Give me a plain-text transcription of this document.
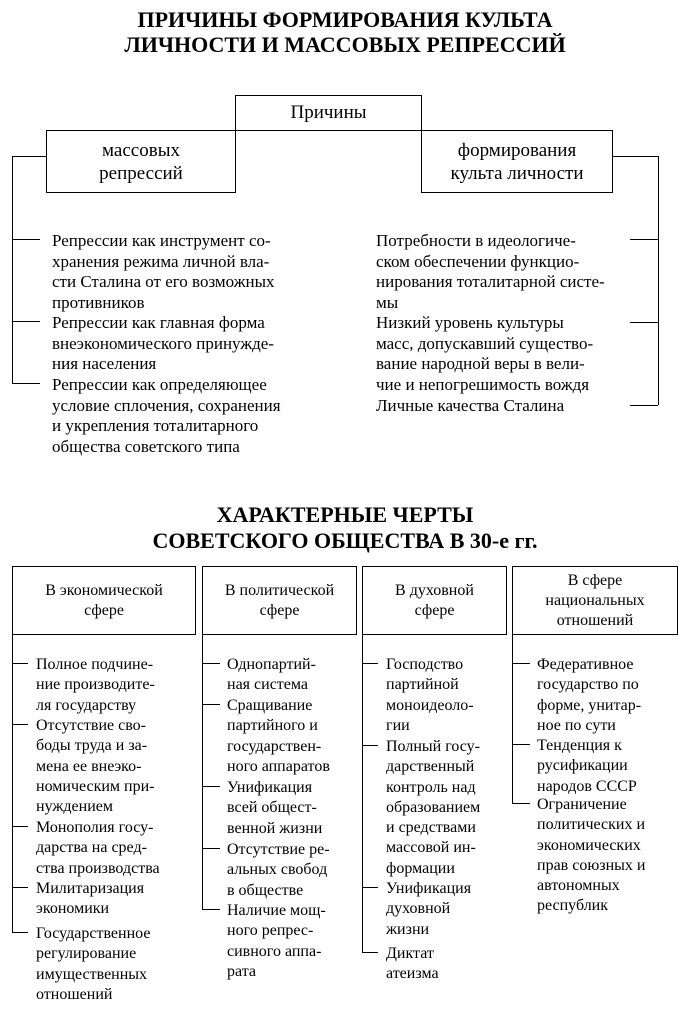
ПРИЧИНЫ ФОРМИРОВАНИЯ КУЛЬТА
ЛИЧНОСТИ И МАССОВЫХ РЕПРЕССИЙ
Причины
массовых
репрессий
формирования
культа личности
Репрессии как инструмент со-
хранения режима личной вла-
сти Сталина от его возможных
противников
Репрессии как главная форма
внеэкономического принужде-
ния населения
Репрессии как определяющее
условие сплочения, сохранения
и укрепления тоталитарного
общества советского типа
Потребности в идеологиче-
ском обеспечении функцио-
нирования тоталитарной систе-
мы
Низкий уровень культуры
масс, допускавший существо-
вание народной веры в вели-
чие и непогрешимость вождя
Личные качества Сталина
ХАРАКТЕРНЫЕ ЧЕРТЫ
СОВЕТСКОГО ОБЩЕСТВА В 30-е гг.
В экономической
сфере
В политической
сфере
В духовной
сфере
В сфере
национальных
отношений
Полное подчине-
ние производите-
ля государству
Отсутствие сво-
боды труда и за-
мена ее внеэко-
номическим при-
нуждением
Монополия госу-
дарства на сред-
ства производства
Милитаризация
экономики
Государственное
регулирование
имущественных
отношений
Однопартий-
ная система
Сращивание
партийного и
государствен-
ного аппаратов
Унификация
всей общест-
венной жизни
Отсутствие ре-
альных свобод
в обществе
Наличие мощ-
ного репрес-
сивного аппа-
рата
Господство
партийной
моноидеоло-
гии
Полный госу-
дарственный
контроль над
образованием
и средствами
массовой ин-
формации
Унификация
духовной
жизни
Диктат
атеизма
Федеративное
государство по
форме, унитар-
ное по сути
Тенденция к
русификации
народов СССР
Ограничение
политических и
экономических
прав союзных и
автономных
республик
